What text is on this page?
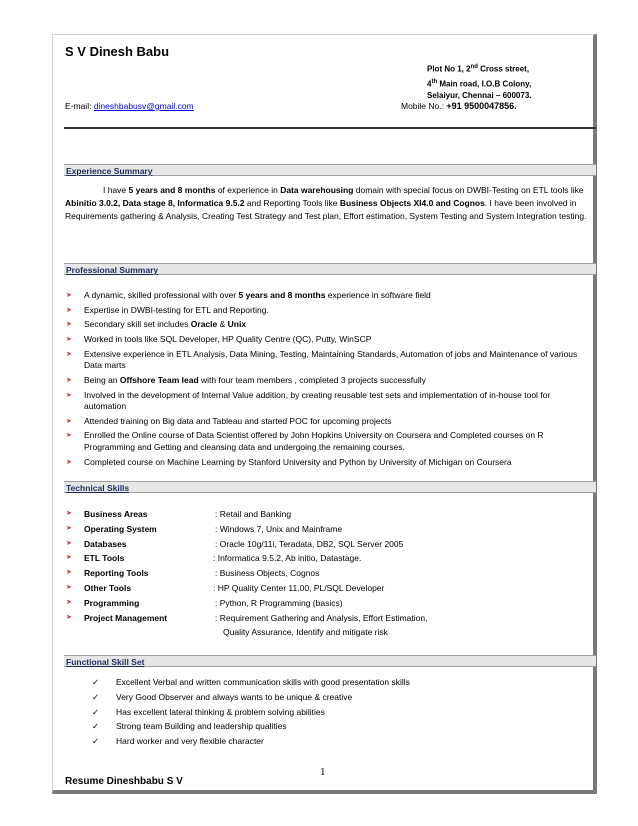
S V Dinesh Babu
Plot No 1, 2nd Cross street,
4th Main road, I.O.B Colony,
Selaiyur, Chennai – 600073.
E-mail: dineshbabusv@gmail.com	Mobile No.: +91 9500047856.
Experience Summary
I have 5 years and 8 months of experience in Data warehousing domain with special focus on DWBI-Testing on ETL tools like Abinitio 3.0.2, Data stage 8, Informatica 9.5.2 and Reporting Tools like Business Objects XI4.0 and Cognos. I have been involved in Requirements gathering & Analysis, Creating Test Strategy and Test plan, Effort estimation, System Testing and System Integration testing.
Professional Summary
➤ A dynamic, skilled professional with over 5 years and 8 months experience in software field
➤ Expertise in DWBI-testing for ETL and Reporting.
➤ Secondary skill set includes Oracle & Unix
➤ Worked in tools like SQL Developer, HP Quality Centre (QC), Putty, WinSCP
➤ Extensive experience in ETL Analysis, Data Mining, Testing, Maintaining Standards, Automation of jobs and Maintenance of various Data marts
➤ Being an Offshore Team lead with four team members , completed 3 projects successfully
➤ Involved in the development of Internal Value addition, by creating reusable test sets and implementation of in-house tool for automation
➤ Attended training on Big data and Tableau and started POC for upcoming projects
➤ Enrolled the Online course of Data Scientist offered by John Hopkins University on Coursera and Completed courses on R Programming and Getting and cleansing data and undergoing the remaining courses.
➤ Completed course on Machine Learning by Stanford University and Python by University of Michigan on Coursera
Technical Skills
➤ Business Areas	: Retail and Banking
➤ Operating System	: Windows 7, Unix and Mainframe
➤ Databases	: Oracle 10g/11i, Teradata, DB2, SQL Server 2005
➤ ETL Tools	: Informatica 9.5.2, Ab initio, Datastage.
➤ Reporting Tools	: Business Objects, Cognos
➤ Other Tools	: HP Quality Center 11.00, PL/SQL Developer
➤ Programming	: Python, R Programming (basics)
➤ Project Management	: Requirement Gathering and Analysis, Effort Estimation,
Quality Assurance, Identify and mitigate risk
Functional Skill Set
✓ Excellent Verbal and written communication skills with good presentation skills
✓ Very Good Observer and always wants to be unique & creative
✓ Has excellent lateral thinking & problem solving abilities
✓ Strong team Building and leadership qualities
✓ Hard worker and very flexible character
1
Resume Dineshbabu S V
